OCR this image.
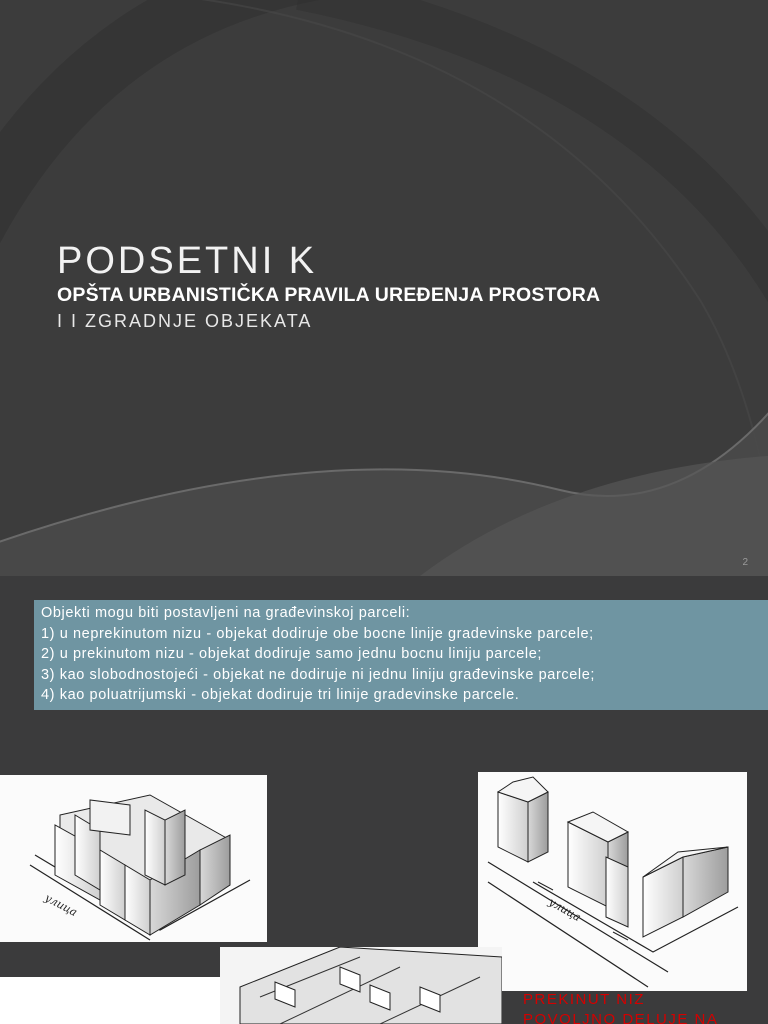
PODSETNI K
OPŠTA URBANISTIČKA PRAVILA UREĐENJA PROSTORA
I I ZGRADNJE OBJEKATA
2
Objekti mogu biti postavljeni na građevinskoj parceli:
1) u neprekinutom nizu - objekat dodiruje obe bocne linije gradevinske parcele;
2) u prekinutom nizu - objekat dodiruje samo jednu bocnu liniju parcele;
3) kao slobodnostojeći - objekat ne dodiruje ni jednu liniju građevinske parcele;
4) kao poluatrijumski - objekat dodiruje tri linije gradevinske parcele.
улица	улица
PREKINUT NIZ
POVOLJNO DELUJE NA
